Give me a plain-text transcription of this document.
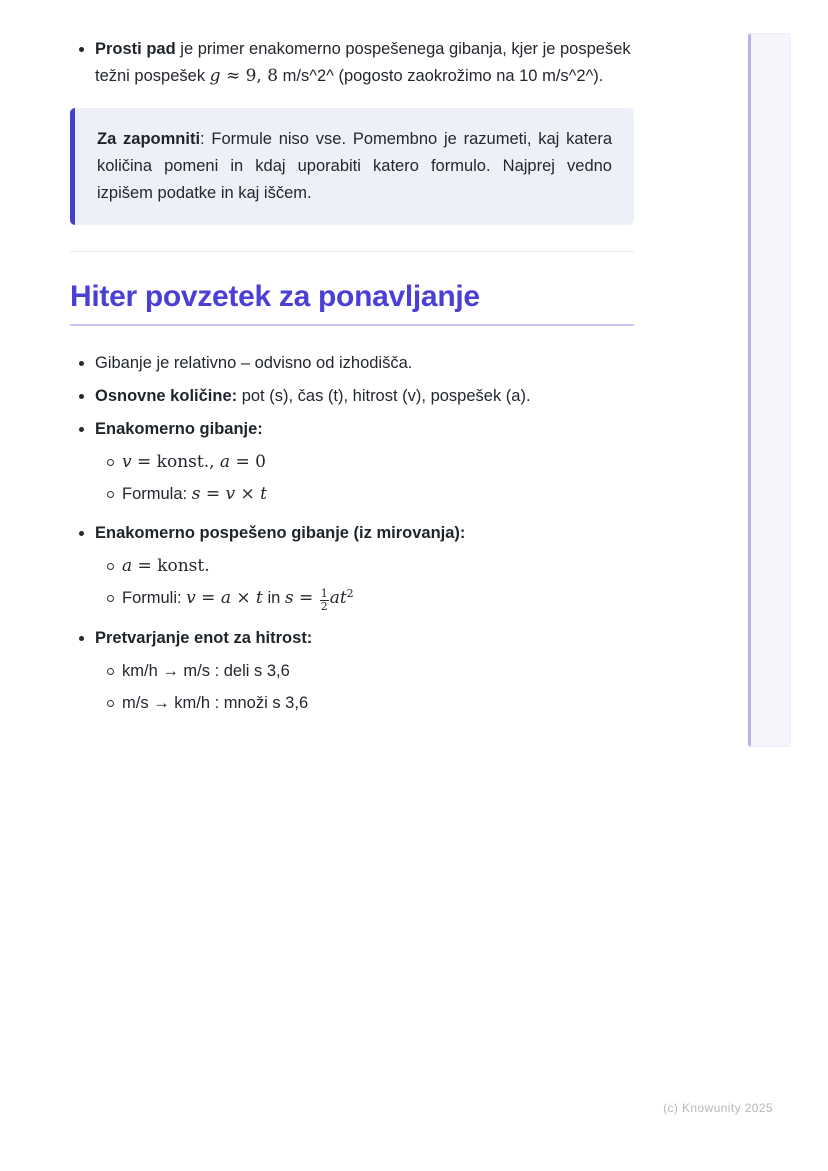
Prosti pad je primer enakomerno pospešenega gibanja, kjer je pospešek težni pospešek g ≈ 9, 8 m/s^2^ (pogosto zaokrožimo na 10 m/s^2^).

Za zapomniti: Formule niso vse. Pomembno je razumeti, kaj katera količina pomeni in kdaj uporabiti katero formulo. Najprej vedno izpišem podatke in kaj iščem.

Hiter povzetek za ponavljanje
Gibanje je relativno – odvisno od izhodišča.
Osnovne količine: pot (s), čas (t), hitrost (v), pospešek (a).
Enakomerno gibanje:
v = konst., a = 0
Formula: s = v × t
Enakomerno pospešeno gibanje (iz mirovanja):
a = konst.
Formuli: v = a × t in $s = \frac{1}{2} at^2$
Pretvarjanje enot za hitrost:
km/h → m/s : deli s 3,6
m/s → km/h : množi s 3,6
(c) Knowunity 2025
